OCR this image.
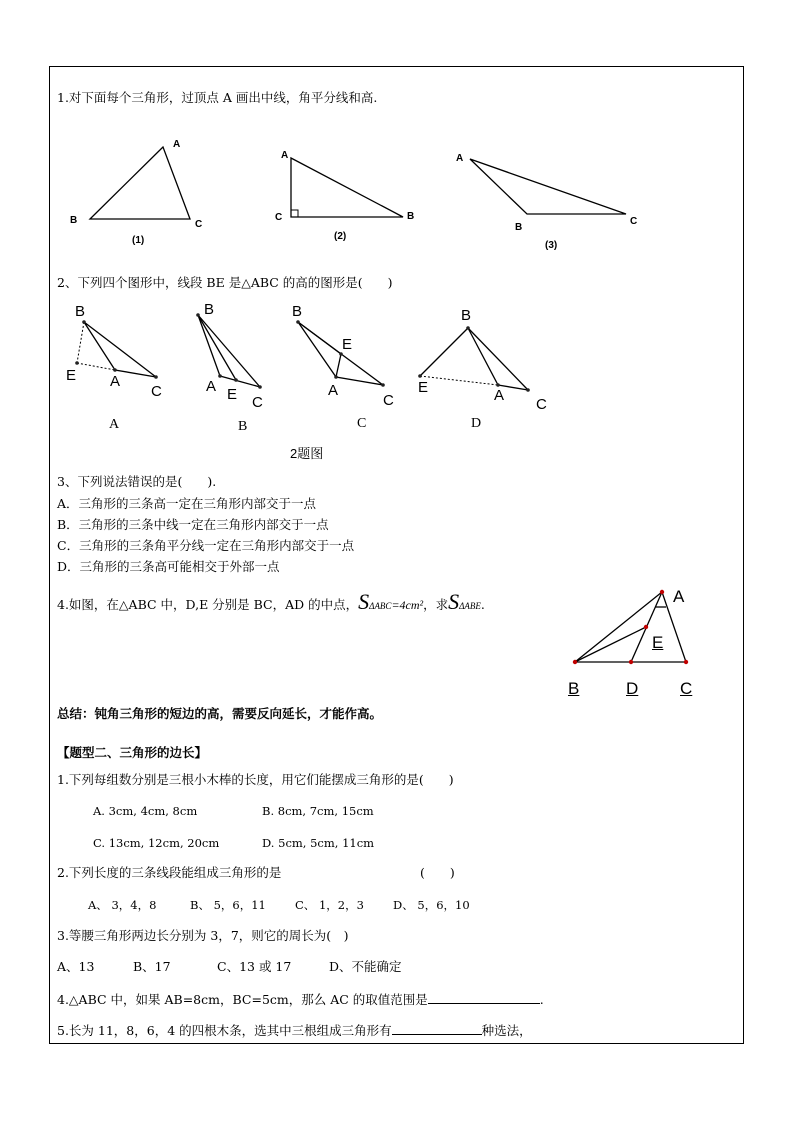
1.对下面每个三角形，过顶点 A 画出中线，角平分线和高.
A
B	C
(1)
A
C	B
(2)
A
B
C
(3)
2、下列四个图形中，线段 BE 是△ABC 的高的图形是(　　)
B
E A
C
A
B
A E C
B
B
E
A
C
C
B
E	A
C
D
2题图
3、下列说法错误的是(　　).
A．三角形的三条高一定在三角形内部交于一点
B．三角形的三条中线一定在三角形内部交于一点
C．三角形的三条角平分线一定在三角形内部交于一点
D．三角形的三条高可能相交于外部一点
4.如图，在△ABC 中，D,E 分别是 BC，AD 的中点，SΔABC=4cm²，求SΔABE.	A
E
B	D C
总结：钝角三角形的短边的高，需要反向延长，才能作高。
【题型二、三角形的边长】
1.下列每组数分别是三根小木棒的长度，用它们能摆成三角形的是(　　)
A. 3cm, 4cm, 8cm	B. 8cm, 7cm, 15cm
C. 13cm, 12cm, 20cm	D. 5cm, 5cm, 11cm
2.下列长度的三条线段能组成三角形的是	(　　)
A、 3，4，8	B、 5，6，11	C、 1，2，3	D、 5，6，10
3.等腰三角形两边长分别为 3，7，则它的周长为(　)
A、13	B、17	C、13 或 17	D、不能确定
4.△ABC 中，如果 AB=8cm，BC=5cm，那么 AC 的取值范围是	.
5.长为 11，8，6，4 的四根木条，选其中三根组成三角形有	种选法，
